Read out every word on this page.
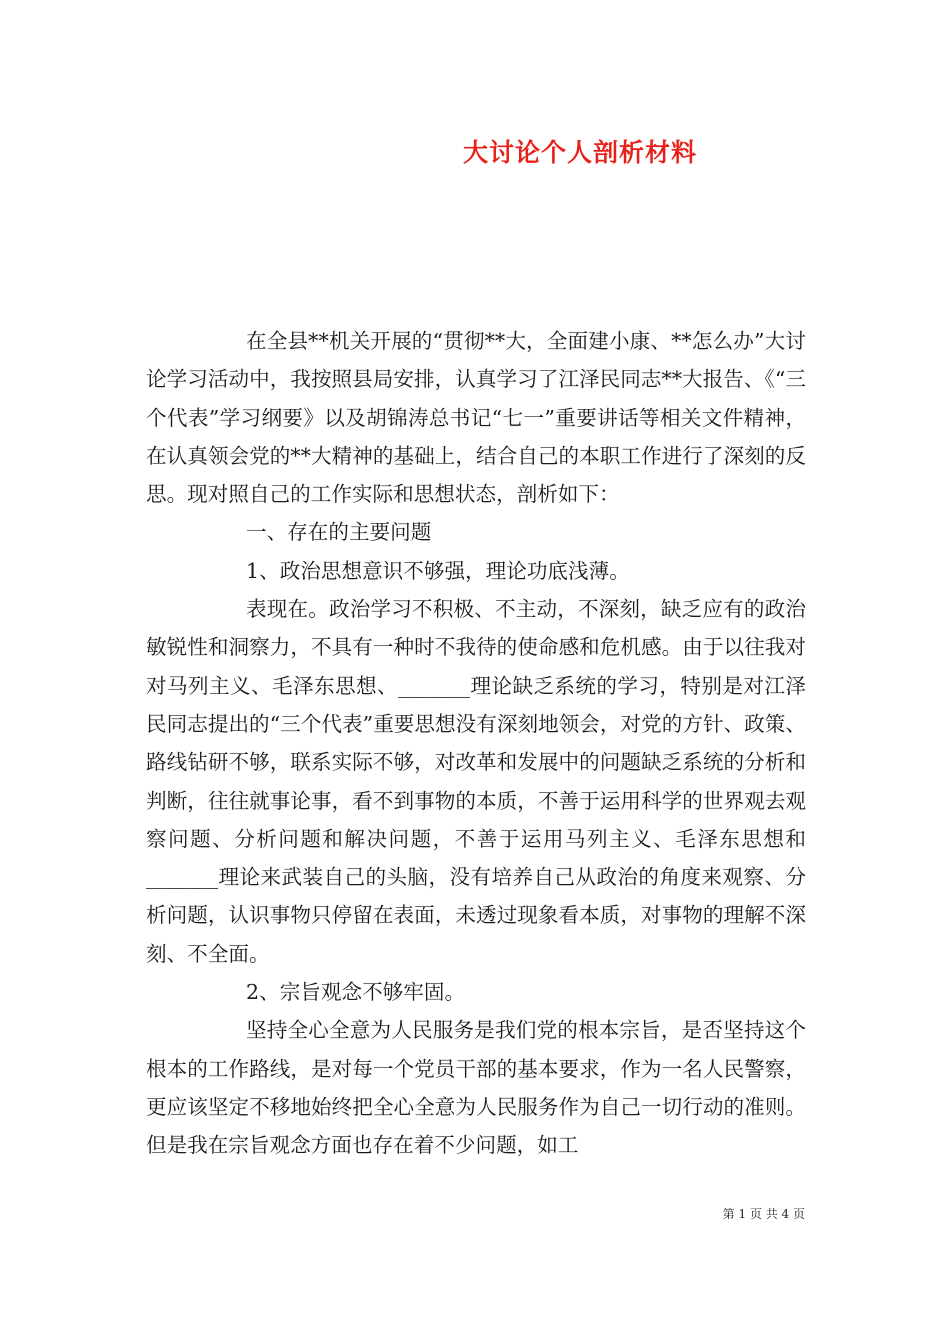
大讨论个人剖析材料

在全县**机关开展的“贯彻**大，全面建小康、**怎么办”大讨论学习活动中，我按照县局安排，认真学习了江泽民同志**大报告、《“三个代表”学习纲要》以及胡锦涛总书记“七一”重要讲话等相关文件精神，在认真领会党的**大精神的基础上，结合自己的本职工作进行了深刻的反思。现对照自己的工作实际和思想状态，剖析如下：

一、存在的主要问题

1、政治思想意识不够强，理论功底浅薄。

表现在。政治学习不积极、不主动，不深刻，缺乏应有的政治敏锐性和洞察力，不具有一种时不我待的使命感和危机感。由于以往我对对马列主义、毛泽东思想、_______理论缺乏系统的学习，特别是对江泽民同志提出的“三个代表”重要思想没有深刻地领会，对党的方针、政策、路线钻研不够，联系实际不够，对改革和发展中的问题缺乏系统的分析和判断，往往就事论事，看不到事物的本质，不善于运用科学的世界观去观察问题、分析问题和解决问题，不善于运用马列主义、毛泽东思想和_______理论来武装自己的头脑，没有培养自己从政治的角度来观察、分析问题，认识事物只停留在表面，未透过现象看本质，对事物的理解不深刻、不全面。

2、宗旨观念不够牢固。

坚持全心全意为人民服务是我们党的根本宗旨，是否坚持这个根本的工作路线，是对每一个党员干部的基本要求，作为一名人民警察，更应该坚定不移地始终把全心全意为人民服务作为自己一切行动的准则。但是我在宗旨观念方面也存在着不少问题，如工

第 1 页 共 4 页
